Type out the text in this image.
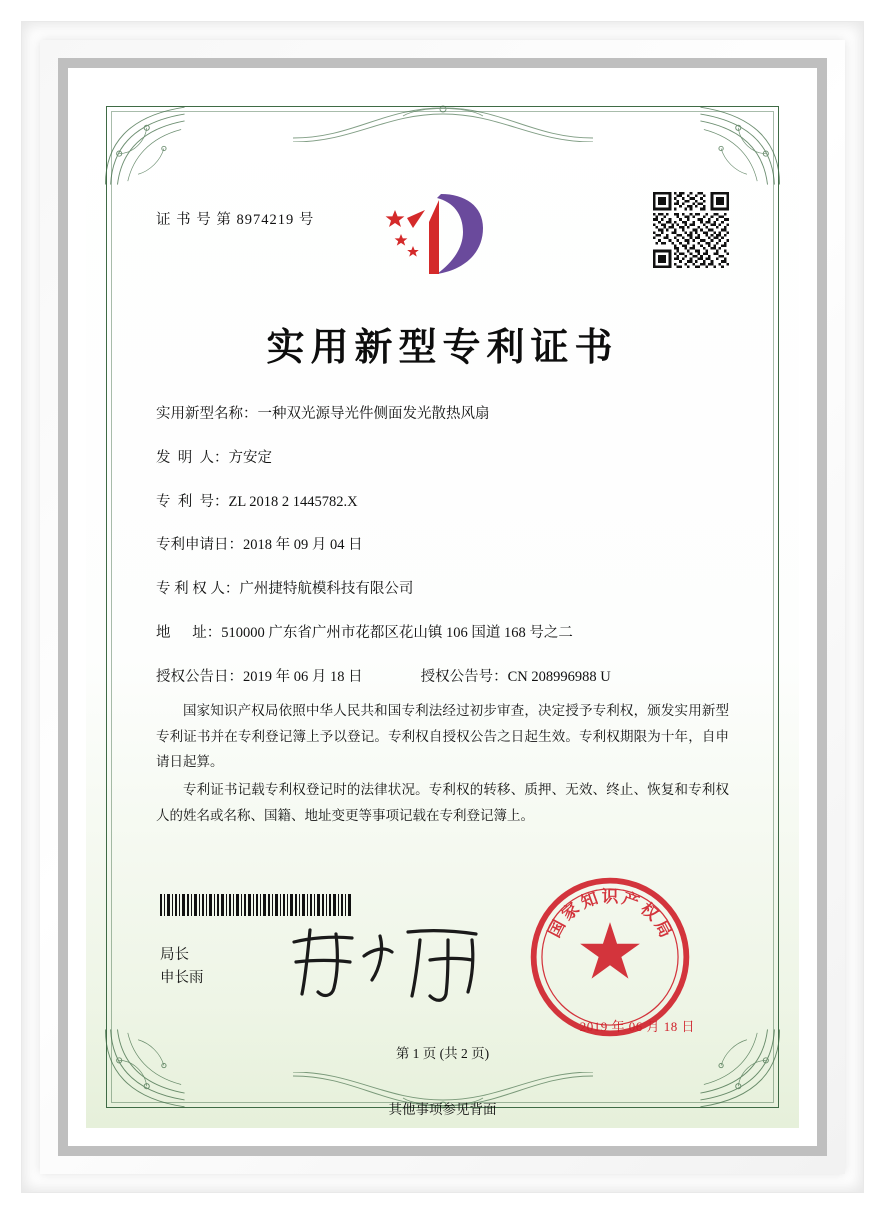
证 书 号 第 8974219 号
实用新型专利证书
实用新型名称： 一种双光源导光件侧面发光散热风扇
发  明  人： 方安定
专  利  号： ZL 2018 2 1445782.X
专利申请日： 2018 年 09 月 04 日
专 利 权 人： 广州捷特航模科技有限公司
地      址： 510000 广东省广州市花都区花山镇 106 国道 168 号之二
授权公告日： 2019 年 06 月 18 日	授权公告号： CN 208996988 U

国家知识产权局依照中华人民共和国专利法经过初步审查，决定授予专利权，颁发实用新型专利证书并在专利登记簿上予以登记。专利权自授权公告之日起生效。专利权期限为十年，自申请日起算。

专利证书记载专利权登记时的法律状况。专利权的转移、质押、无效、终止、恢复和专利权人的姓名或名称、国籍、地址变更等事项记载在专利登记簿上。

局长
申长雨
国
家
知 识 产
权
局
2019 年 06 月 18 日
第 1 页 (共 2 页)
其他事项参见背面
